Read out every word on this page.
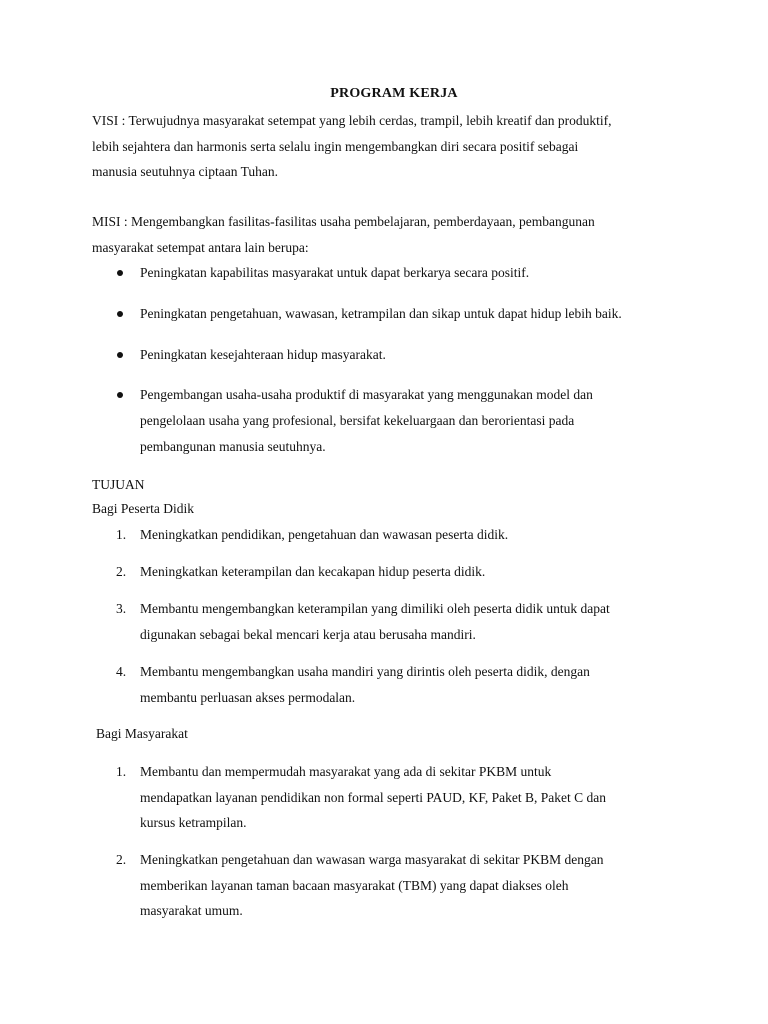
PROGRAM KERJA
VISI : Terwujudnya masyarakat setempat yang lebih cerdas, trampil, lebih kreatif dan produktif,
lebih sejahtera dan harmonis serta selalu ingin mengembangkan diri secara positif sebagai
manusia seutuhnya ciptaan Tuhan.
MISI : Mengembangkan fasilitas-fasilitas usaha pembelajaran, pemberdayaan, pembangunan
masyarakat setempat antara lain berupa:
Peningkatan kapabilitas masyarakat untuk dapat berkarya secara positif.
Peningkatan pengetahuan, wawasan, ketrampilan dan sikap untuk dapat hidup lebih baik.
Peningkatan kesejahteraan hidup masyarakat.
Pengembangan usaha-usaha produktif di masyarakat yang menggunakan model dan
pengelolaan usaha yang profesional, bersifat kekeluargaan dan berorientasi pada
pembangunan manusia seutuhnya.
TUJUAN
Bagi Peserta Didik
1. Meningkatkan pendidikan, pengetahuan dan wawasan peserta didik.
2. Meningkatkan keterampilan dan kecakapan hidup peserta didik.
3. Membantu mengembangkan keterampilan yang dimiliki oleh peserta didik untuk dapat
digunakan sebagai bekal mencari kerja atau berusaha mandiri.
4. Membantu mengembangkan usaha mandiri yang dirintis oleh peserta didik, dengan
membantu perluasan akses permodalan.
Bagi Masyarakat
1. Membantu dan mempermudah masyarakat yang ada di sekitar PKBM untuk
mendapatkan layanan pendidikan non formal seperti PAUD, KF, Paket B, Paket C dan
kursus ketrampilan.
2. Meningkatkan pengetahuan dan wawasan warga masyarakat di sekitar PKBM dengan
memberikan layanan taman bacaan masyarakat (TBM) yang dapat diakses oleh
masyarakat umum.
